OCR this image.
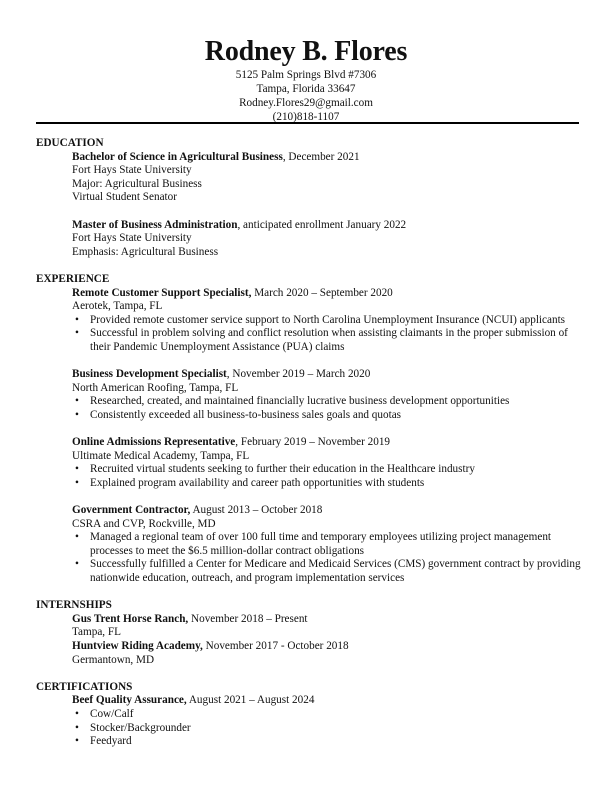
Rodney B. Flores
5125 Palm Springs Blvd #7306
Tampa, Florida 33647
Rodney.Flores29@gmail.com
(210)818-1107
EDUCATION
Bachelor of Science in Agricultural Business, December 2021
Fort Hays State University
Major: Agricultural Business
Virtual Student Senator
Master of Business Administration, anticipated enrollment January 2022
Fort Hays State University
Emphasis: Agricultural Business
EXPERIENCE
Remote Customer Support Specialist, March 2020 – September 2020
Aerotek, Tampa, FL
• Provided remote customer service support to North Carolina Unemployment Insurance (NCUI) applicants
• Successful in problem solving and conflict resolution when assisting claimants in the proper submission of their Pandemic Unemployment Assistance (PUA) claims
Business Development Specialist, November 2019 – March 2020
North American Roofing, Tampa, FL
• Researched, created, and maintained financially lucrative business development opportunities
• Consistently exceeded all business-to-business sales goals and quotas
Online Admissions Representative, February 2019 – November 2019
Ultimate Medical Academy, Tampa, FL
• Recruited virtual students seeking to further their education in the Healthcare industry
• Explained program availability and career path opportunities with students
Government Contractor, August 2013 – October 2018
CSRA and CVP, Rockville, MD
• Managed a regional team of over 100 full time and temporary employees utilizing project management processes to meet the $6.5 million-dollar contract obligations
• Successfully fulfilled a Center for Medicare and Medicaid Services (CMS) government contract by providing nationwide education, outreach, and program implementation services
INTERNSHIPS
Gus Trent Horse Ranch, November 2018 – Present
Tampa, FL
Huntview Riding Academy, November 2017 - October 2018
Germantown, MD
CERTIFICATIONS
Beef Quality Assurance, August 2021 – August 2024
• Cow/Calf
• Stocker/Backgrounder
• Feedyard
